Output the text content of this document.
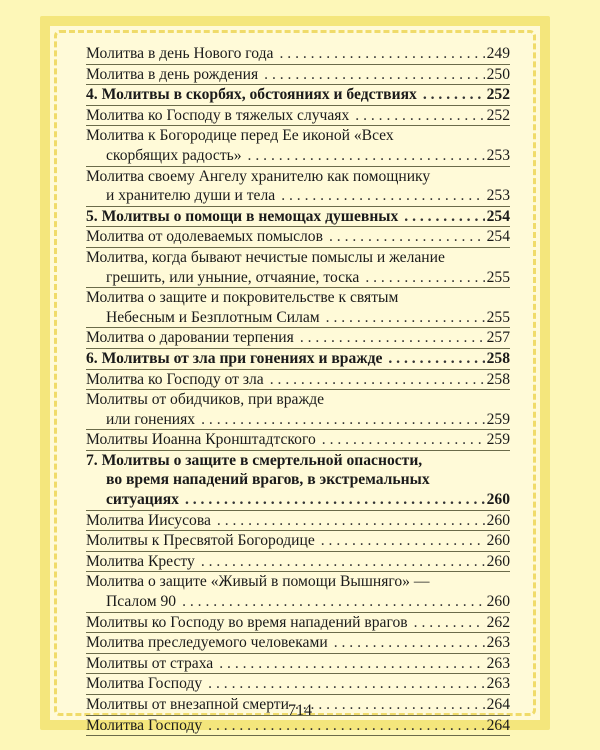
Молитва в день Нового года . . .	249
Молитва в день рождения . . .	250
4. Молитвы в скорбях, обстояниях и бедствиях . . .	252
Молитва ко Господу в тяжелых случаях . . .	252
Молитва к Богородице перед Ее иконой «Всех
скорбящих радость» . . .	253
Молитва своему Ангелу хранителю как помощнику
и хранителю души и тела . . .	253
5. Молитвы о помощи в немощах душевных . . .	254
Молитва от одолеваемых помыслов . . .	254
Молитва, когда бывают нечистые помыслы и желание
грешить, или уныние, отчаяние, тоска . . .	255
Молитва о защите и покровительстве к святым
Небесным и Безплотным Силам . . .	255
Молитва о даровании терпения . . .	257
6. Молитвы от зла при гонениях и вражде . . .	258
Молитва ко Господу от зла . . .	258
Молитвы от обидчиков, при вражде
или гонениях . . .	259
Молитвы Иоанна Кронштадтского . . .	259
7. Молитвы о защите в смертельной опасности,
во время нападений врагов, в экстремальных
ситуациях . . .	260
Молитва Иисусова . . .	260
Молитвы к Пресвятой Богородице . . .	260
Молитва Кресту . . .	260
Молитва о защите «Живый в помощи Вышняго» —
Псалом 90 . . .	260
Молитвы ко Господу во время нападений врагов . . .	262
Молитва преследуемого человеками . . .	263
Молитвы от страха . . .	263
Молитва Господу . . .	263
Молитвы от внезапной смерти . . .	264
Молитва Господу . . .	264
714
